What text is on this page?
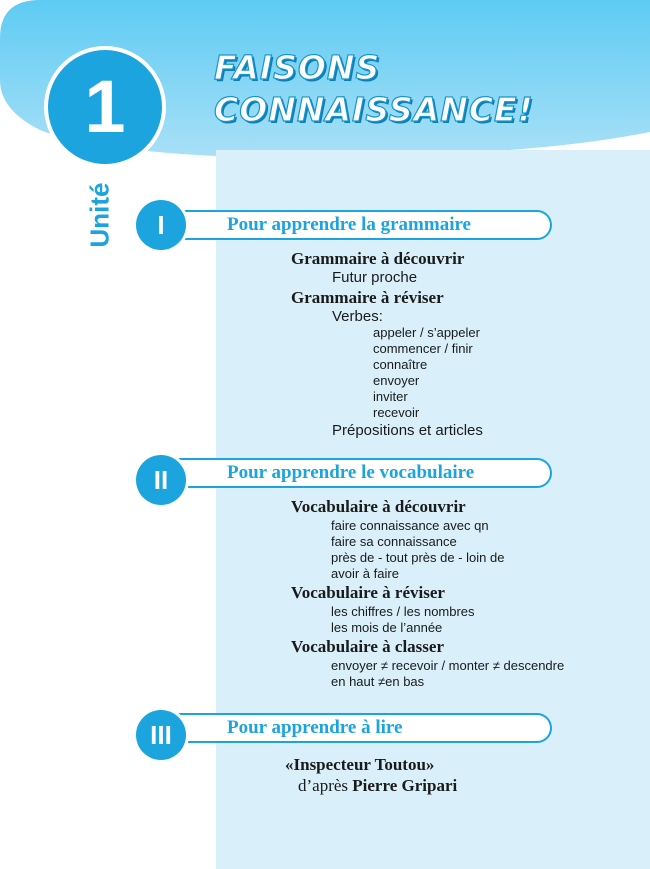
1
Unité
FAISONS
CONNAISSANCE!
I	Pour apprendre la grammaire
Grammaire à découvrir
Futur proche
Grammaire à réviser
Verbes:
appeler / s’appeler
commencer / finir
connaître
envoyer
inviter
recevoir
Prépositions et articles
II	Pour apprendre le vocabulaire
Vocabulaire à découvrir
faire connaissance avec qn
faire sa connaissance
près de - tout près de - loin de
avoir à faire
Vocabulaire à réviser
les chiffres / les nombres
les mois de l’année
Vocabulaire à classer
envoyer ≠ recevoir / monter ≠ descendre
en haut ≠en bas
III	Pour apprendre à lire
«Inspecteur Toutou»
d’après Pierre Gripari
